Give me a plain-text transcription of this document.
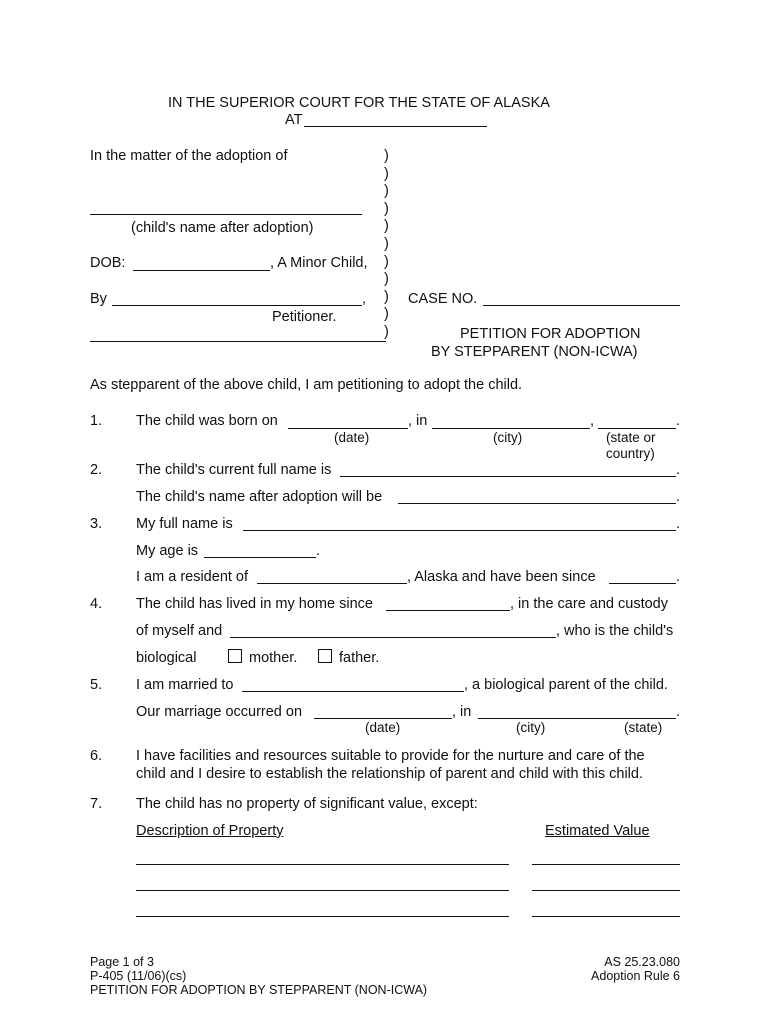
IN THE SUPERIOR COURT FOR THE STATE OF ALASKA
AT
In the matter of the adoption of
(child's name after adoption)
DOB:	, A Minor Child,
By	,
Petitioner.
)
)
)
)
)
)
)
)
)
)
)
CASE NO.
PETITION FOR ADOPTION
BY STEPPARENT (NON-ICWA)
As stepparent of the above child, I am petitioning to adopt the child.
1. The child was born on	, in	,	.
(date)	(city)	(state or
country)
2. The child's current full name is	.
The child's name after adoption will be	.
3. My full name is	.
My age is	.
I am a resident of	, Alaska and have been since	.
4. The child has lived in my home since	, in the care and custody
of myself and	, who is the child's
biological	mother.	father.
5. I am married to	, a biological parent of the child.
Our marriage occurred on	, in	.
(date)	(city)	(state)
6. I have facilities and resources suitable to provide for the nurture and care of the
child and I desire to establish the relationship of parent and child with this child.
7. The child has no property of significant value, except:
Description of Property	Estimated Value
Page 1 of 3
P-405 (11/06)(cs)
PETITION FOR ADOPTION BY STEPPARENT (NON-ICWA)
AS 25.23.080
Adoption Rule 6
